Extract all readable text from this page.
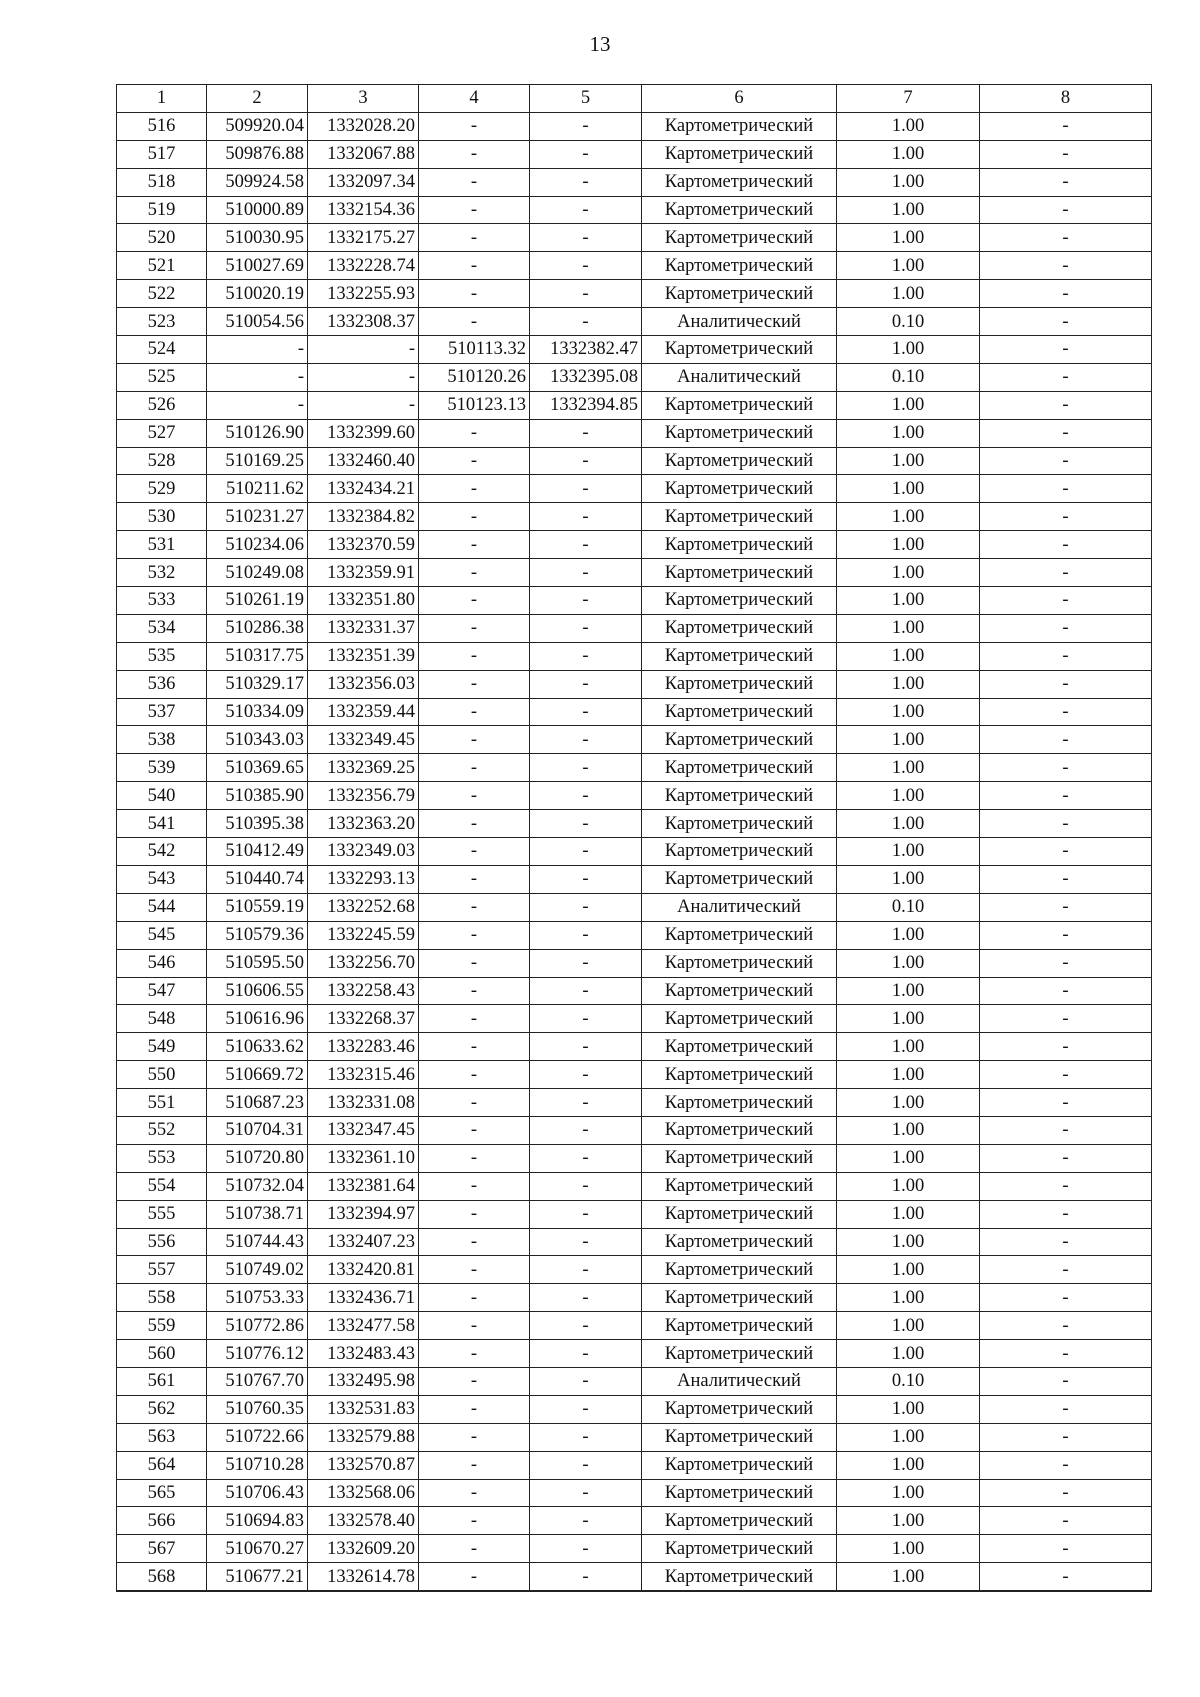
13
1	2	3	4	5	6	7	8
516	509920.04	1332028.20	-	-	Картометрический	1.00	-
517	509876.88	1332067.88	-	-	Картометрический	1.00	-
518	509924.58	1332097.34	-	-	Картометрический	1.00	-
519	510000.89	1332154.36	-	-	Картометрический	1.00	-
520	510030.95	1332175.27	-	-	Картометрический	1.00	-
521	510027.69	1332228.74	-	-	Картометрический	1.00	-
522	510020.19	1332255.93	-	-	Картометрический	1.00	-
523	510054.56	1332308.37	-	-	Аналитический	0.10	-
524	-	-	510113.32	1332382.47	Картометрический	1.00	-
525	-	-	510120.26	1332395.08	Аналитический	0.10	-
526	-	-	510123.13	1332394.85	Картометрический	1.00	-
527	510126.90	1332399.60	-	-	Картометрический	1.00	-
528	510169.25	1332460.40	-	-	Картометрический	1.00	-
529	510211.62	1332434.21	-	-	Картометрический	1.00	-
530	510231.27	1332384.82	-	-	Картометрический	1.00	-
531	510234.06	1332370.59	-	-	Картометрический	1.00	-
532	510249.08	1332359.91	-	-	Картометрический	1.00	-
533	510261.19	1332351.80	-	-	Картометрический	1.00	-
534	510286.38	1332331.37	-	-	Картометрический	1.00	-
535	510317.75	1332351.39	-	-	Картометрический	1.00	-
536	510329.17	1332356.03	-	-	Картометрический	1.00	-
537	510334.09	1332359.44	-	-	Картометрический	1.00	-
538	510343.03	1332349.45	-	-	Картометрический	1.00	-
539	510369.65	1332369.25	-	-	Картометрический	1.00	-
540	510385.90	1332356.79	-	-	Картометрический	1.00	-
541	510395.38	1332363.20	-	-	Картометрический	1.00	-
542	510412.49	1332349.03	-	-	Картометрический	1.00	-
543	510440.74	1332293.13	-	-	Картометрический	1.00	-
544	510559.19	1332252.68	-	-	Аналитический	0.10	-
545	510579.36	1332245.59	-	-	Картометрический	1.00	-
546	510595.50	1332256.70	-	-	Картометрический	1.00	-
547	510606.55	1332258.43	-	-	Картометрический	1.00	-
548	510616.96	1332268.37	-	-	Картометрический	1.00	-
549	510633.62	1332283.46	-	-	Картометрический	1.00	-
550	510669.72	1332315.46	-	-	Картометрический	1.00	-
551	510687.23	1332331.08	-	-	Картометрический	1.00	-
552	510704.31	1332347.45	-	-	Картометрический	1.00	-
553	510720.80	1332361.10	-	-	Картометрический	1.00	-
554	510732.04	1332381.64	-	-	Картометрический	1.00	-
555	510738.71	1332394.97	-	-	Картометрический	1.00	-
556	510744.43	1332407.23	-	-	Картометрический	1.00	-
557	510749.02	1332420.81	-	-	Картометрический	1.00	-
558	510753.33	1332436.71	-	-	Картометрический	1.00	-
559	510772.86	1332477.58	-	-	Картометрический	1.00	-
560	510776.12	1332483.43	-	-	Картометрический	1.00	-
561	510767.70	1332495.98	-	-	Аналитический	0.10	-
562	510760.35	1332531.83	-	-	Картометрический	1.00	-
563	510722.66	1332579.88	-	-	Картометрический	1.00	-
564	510710.28	1332570.87	-	-	Картометрический	1.00	-
565	510706.43	1332568.06	-	-	Картометрический	1.00	-
566	510694.83	1332578.40	-	-	Картометрический	1.00	-
567	510670.27	1332609.20	-	-	Картометрический	1.00	-
568	510677.21	1332614.78	-	-	Картометрический	1.00	-
